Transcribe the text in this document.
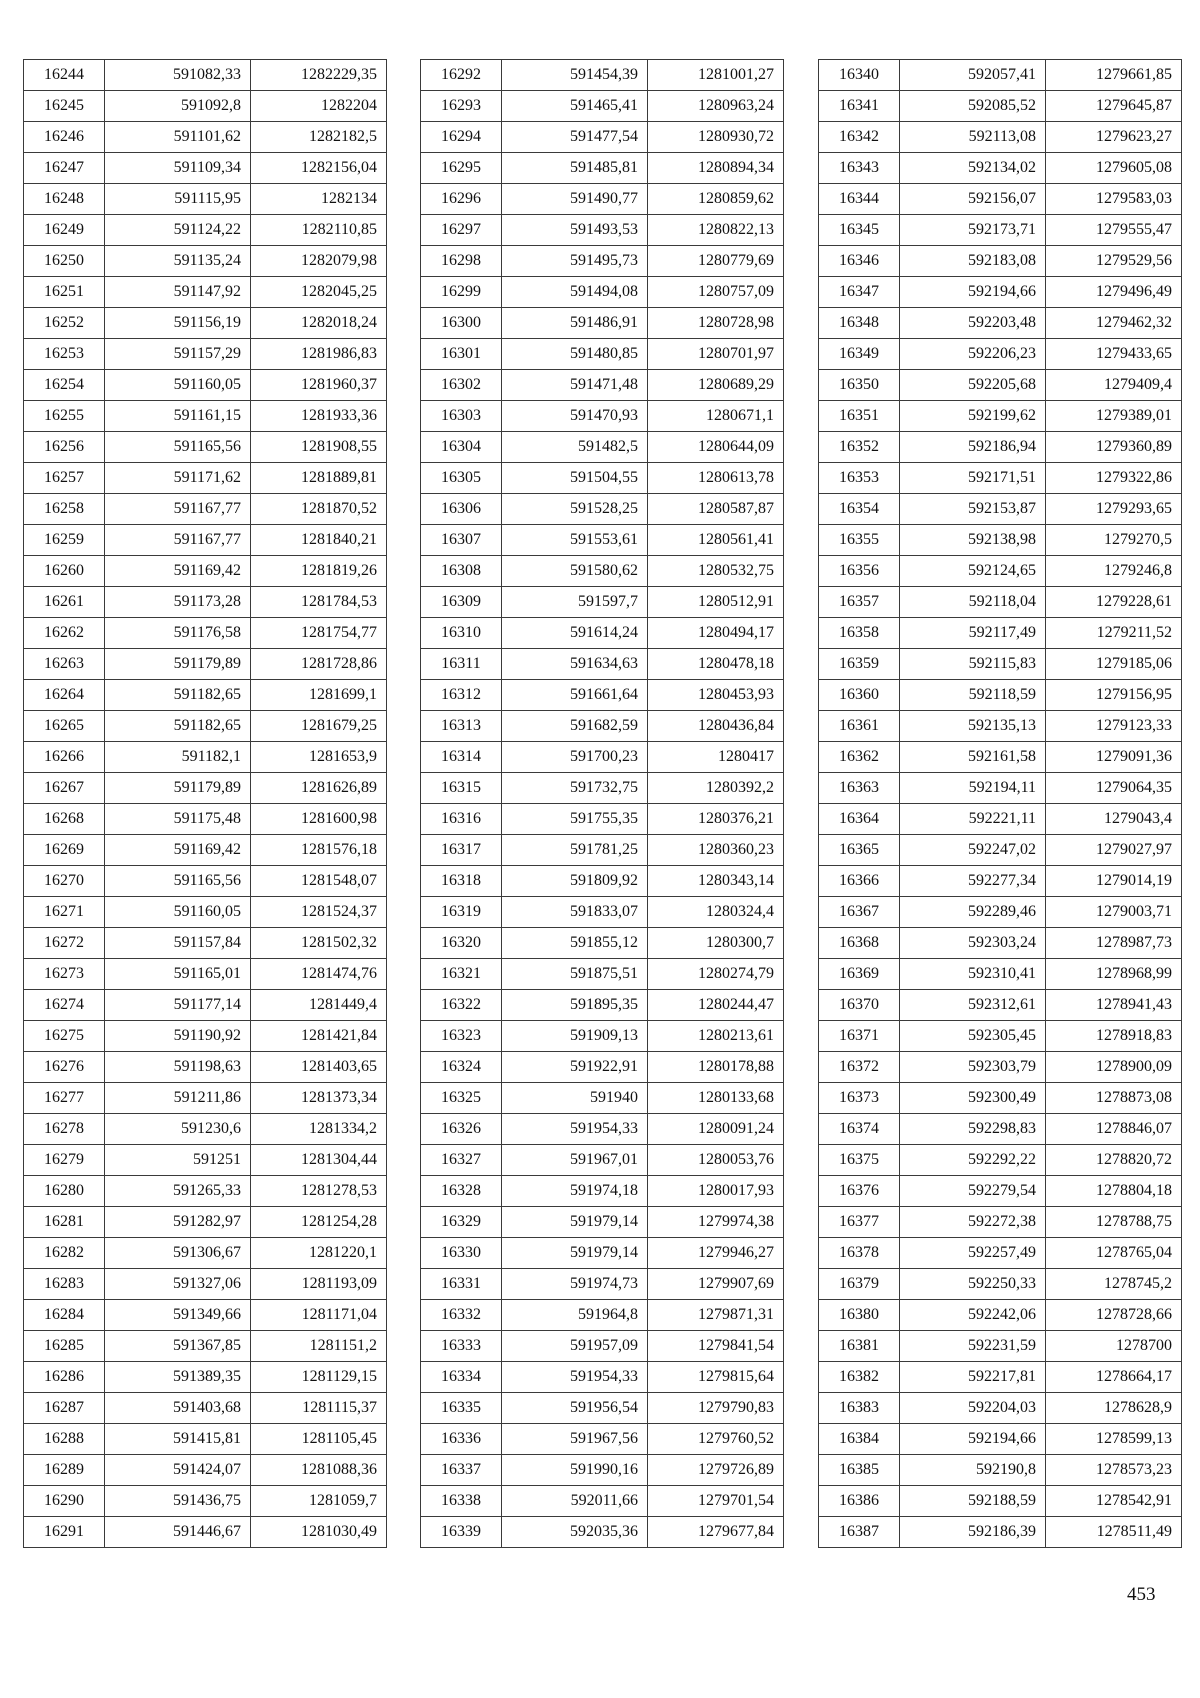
16244	591082,33	1282229,35
16245	591092,8	1282204
16246	591101,62	1282182,5
16247	591109,34	1282156,04
16248	591115,95	1282134
16249	591124,22	1282110,85
16250	591135,24	1282079,98
16251	591147,92	1282045,25
16252	591156,19	1282018,24
16253	591157,29	1281986,83
16254	591160,05	1281960,37
16255	591161,15	1281933,36
16256	591165,56	1281908,55
16257	591171,62	1281889,81
16258	591167,77	1281870,52
16259	591167,77	1281840,21
16260	591169,42	1281819,26
16261	591173,28	1281784,53
16262	591176,58	1281754,77
16263	591179,89	1281728,86
16264	591182,65	1281699,1
16265	591182,65	1281679,25
16266	591182,1	1281653,9
16267	591179,89	1281626,89
16268	591175,48	1281600,98
16269	591169,42	1281576,18
16270	591165,56	1281548,07
16271	591160,05	1281524,37
16272	591157,84	1281502,32
16273	591165,01	1281474,76
16274	591177,14	1281449,4
16275	591190,92	1281421,84
16276	591198,63	1281403,65
16277	591211,86	1281373,34
16278	591230,6	1281334,2
16279	591251	1281304,44
16280	591265,33	1281278,53
16281	591282,97	1281254,28
16282	591306,67	1281220,1
16283	591327,06	1281193,09
16284	591349,66	1281171,04
16285	591367,85	1281151,2
16286	591389,35	1281129,15
16287	591403,68	1281115,37
16288	591415,81	1281105,45
16289	591424,07	1281088,36
16290	591436,75	1281059,7
16291	591446,67	1281030,49
16292	591454,39	1281001,27
16293	591465,41	1280963,24
16294	591477,54	1280930,72
16295	591485,81	1280894,34
16296	591490,77	1280859,62
16297	591493,53	1280822,13
16298	591495,73	1280779,69
16299	591494,08	1280757,09
16300	591486,91	1280728,98
16301	591480,85	1280701,97
16302	591471,48	1280689,29
16303	591470,93	1280671,1
16304	591482,5	1280644,09
16305	591504,55	1280613,78
16306	591528,25	1280587,87
16307	591553,61	1280561,41
16308	591580,62	1280532,75
16309	591597,7	1280512,91
16310	591614,24	1280494,17
16311	591634,63	1280478,18
16312	591661,64	1280453,93
16313	591682,59	1280436,84
16314	591700,23	1280417
16315	591732,75	1280392,2
16316	591755,35	1280376,21
16317	591781,25	1280360,23
16318	591809,92	1280343,14
16319	591833,07	1280324,4
16320	591855,12	1280300,7
16321	591875,51	1280274,79
16322	591895,35	1280244,47
16323	591909,13	1280213,61
16324	591922,91	1280178,88
16325	591940	1280133,68
16326	591954,33	1280091,24
16327	591967,01	1280053,76
16328	591974,18	1280017,93
16329	591979,14	1279974,38
16330	591979,14	1279946,27
16331	591974,73	1279907,69
16332	591964,8	1279871,31
16333	591957,09	1279841,54
16334	591954,33	1279815,64
16335	591956,54	1279790,83
16336	591967,56	1279760,52
16337	591990,16	1279726,89
16338	592011,66	1279701,54
16339	592035,36	1279677,84
16340	592057,41	1279661,85
16341	592085,52	1279645,87
16342	592113,08	1279623,27
16343	592134,02	1279605,08
16344	592156,07	1279583,03
16345	592173,71	1279555,47
16346	592183,08	1279529,56
16347	592194,66	1279496,49
16348	592203,48	1279462,32
16349	592206,23	1279433,65
16350	592205,68	1279409,4
16351	592199,62	1279389,01
16352	592186,94	1279360,89
16353	592171,51	1279322,86
16354	592153,87	1279293,65
16355	592138,98	1279270,5
16356	592124,65	1279246,8
16357	592118,04	1279228,61
16358	592117,49	1279211,52
16359	592115,83	1279185,06
16360	592118,59	1279156,95
16361	592135,13	1279123,33
16362	592161,58	1279091,36
16363	592194,11	1279064,35
16364	592221,11	1279043,4
16365	592247,02	1279027,97
16366	592277,34	1279014,19
16367	592289,46	1279003,71
16368	592303,24	1278987,73
16369	592310,41	1278968,99
16370	592312,61	1278941,43
16371	592305,45	1278918,83
16372	592303,79	1278900,09
16373	592300,49	1278873,08
16374	592298,83	1278846,07
16375	592292,22	1278820,72
16376	592279,54	1278804,18
16377	592272,38	1278788,75
16378	592257,49	1278765,04
16379	592250,33	1278745,2
16380	592242,06	1278728,66
16381	592231,59	1278700
16382	592217,81	1278664,17
16383	592204,03	1278628,9
16384	592194,66	1278599,13
16385	592190,8	1278573,23
16386	592188,59	1278542,91
16387	592186,39	1278511,49
453
